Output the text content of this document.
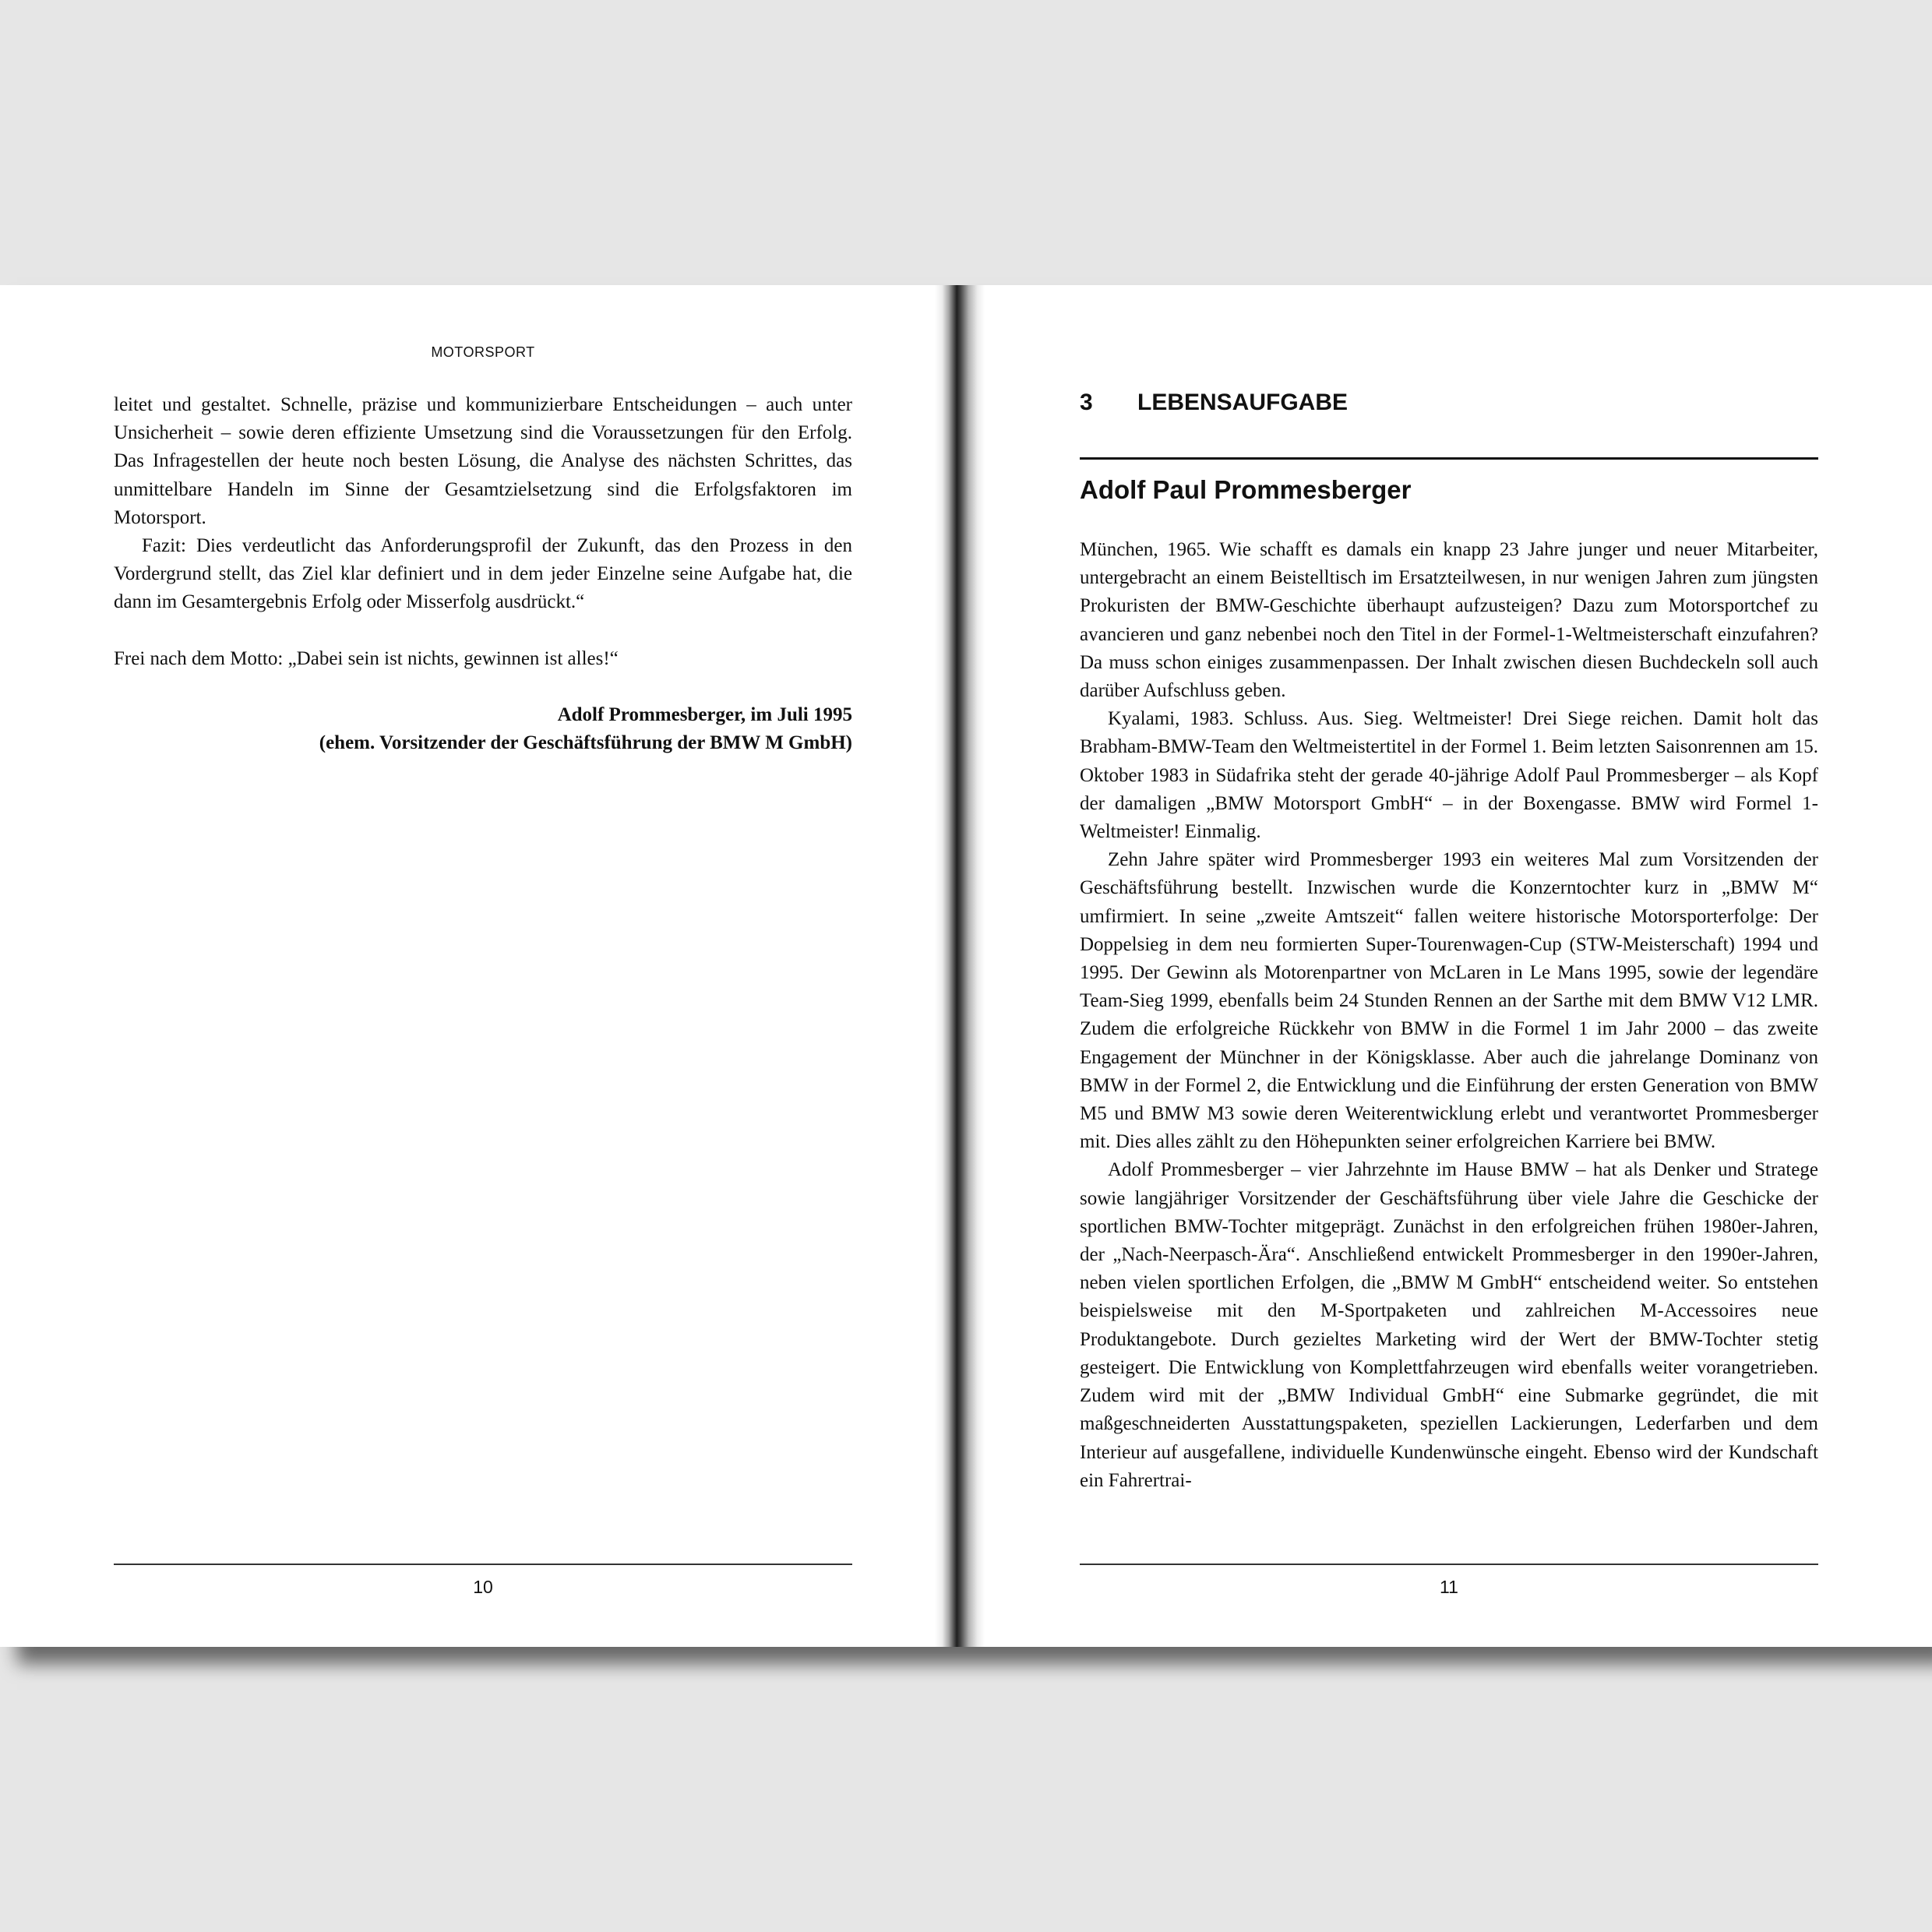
MOTORSPORT

leitet und gestaltet. Schnelle, präzise und kommunizierbare Entscheidungen – auch unter Unsicherheit – sowie deren effiziente Umsetzung sind die Voraussetzungen für den Erfolg. Das Infragestellen der heute noch besten Lösung, die Analyse des nächsten Schrittes, das unmittelbare Handeln im Sinne der Gesamtzielsetzung sind die Erfolgsfaktoren im Motorsport.

Fazit: Dies verdeutlicht das Anforderungsprofil der Zukunft, das den Prozess in den Vordergrund stellt, das Ziel klar definiert und in dem jeder Einzelne seine Aufgabe hat, die dann im Gesamtergebnis Erfolg oder Misserfolg ausdrückt.“

Frei nach dem Motto: „Dabei sein ist nichts, gewinnen ist alles!“

Adolf Prommesberger, im Juli 1995
(ehem. Vorsitzender der Geschäftsführung der BMW M GmbH)
10
3 LEBENSAUFGABE
Adolf Paul Prommesberger

München, 1965. Wie schafft es damals ein knapp 23 Jahre junger und neuer Mitarbeiter, untergebracht an einem Beistelltisch im Ersatzteilwesen, in nur wenigen Jahren zum jüngsten Prokuristen der BMW-Geschichte überhaupt aufzusteigen? Dazu zum Motorsportchef zu avancieren und ganz nebenbei noch den Titel in der Formel-1-Weltmeisterschaft einzufahren? Da muss schon einiges zusammenpassen. Der Inhalt zwischen diesen Buchdeckeln soll auch darüber Aufschluss geben.

Kyalami, 1983. Schluss. Aus. Sieg. Weltmeister! Drei Siege reichen. Damit holt das Brabham-BMW-Team den Weltmeistertitel in der Formel 1. Beim letzten Saisonrennen am 15. Oktober 1983 in Südafrika steht der gerade 40-jährige Adolf Paul Prommesberger – als Kopf der damaligen „BMW Motorsport GmbH“ – in der Boxengasse. BMW wird Formel 1-Weltmeister! Einmalig.

Zehn Jahre später wird Prommesberger 1993 ein weiteres Mal zum Vorsitzenden der Geschäftsführung bestellt. Inzwischen wurde die Konzerntochter kurz in „BMW M“ umfirmiert. In seine „zweite Amtszeit“ fallen weitere historische Motorsporterfolge: Der Doppelsieg in dem neu formierten Super-Tourenwagen-Cup (STW-Meisterschaft) 1994 und 1995. Der Gewinn als Motorenpartner von McLaren in Le Mans 1995, sowie der legendäre Team-Sieg 1999, ebenfalls beim 24 Stunden Rennen an der Sarthe mit dem BMW V12 LMR. Zudem die erfolgreiche Rückkehr von BMW in die Formel 1 im Jahr 2000 – das zweite Engagement der Münchner in der Königsklasse. Aber auch die jahrelange Dominanz von BMW in der Formel 2, die Entwicklung und die Einführung der ersten Generation von BMW M5 und BMW M3 sowie deren Weiterentwicklung erlebt und verantwortet Prommesberger mit. Dies alles zählt zu den Höhepunkten seiner erfolgreichen Karriere bei BMW.

Adolf Prommesberger – vier Jahrzehnte im Hause BMW – hat als Denker und Stratege sowie langjähriger Vorsitzender der Geschäftsführung über viele Jahre die Geschicke der sportlichen BMW-Tochter mitgeprägt. Zunächst in den erfolgreichen frühen 1980er-Jahren, der „Nach-Neerpasch-Ära“. Anschließend entwickelt Prommesberger in den 1990er-Jahren, neben vielen sportlichen Erfolgen, die „BMW M GmbH“ entscheidend weiter. So entstehen beispielsweise mit den M-Sportpaketen und zahlreichen M-Accessoires neue Produktangebote. Durch gezieltes Marketing wird der Wert der BMW-Tochter stetig gesteigert. Die Entwicklung von Komplettfahrzeugen wird ebenfalls weiter vorangetrieben. Zudem wird mit der „BMW Individual GmbH“ eine Submarke gegründet, die mit maßgeschneiderten Ausstattungspaketen, speziellen Lackierungen, Lederfarben und dem Interieur auf ausgefallene, individuelle Kundenwünsche eingeht. Ebenso wird der Kundschaft ein Fahrertrai-

11
